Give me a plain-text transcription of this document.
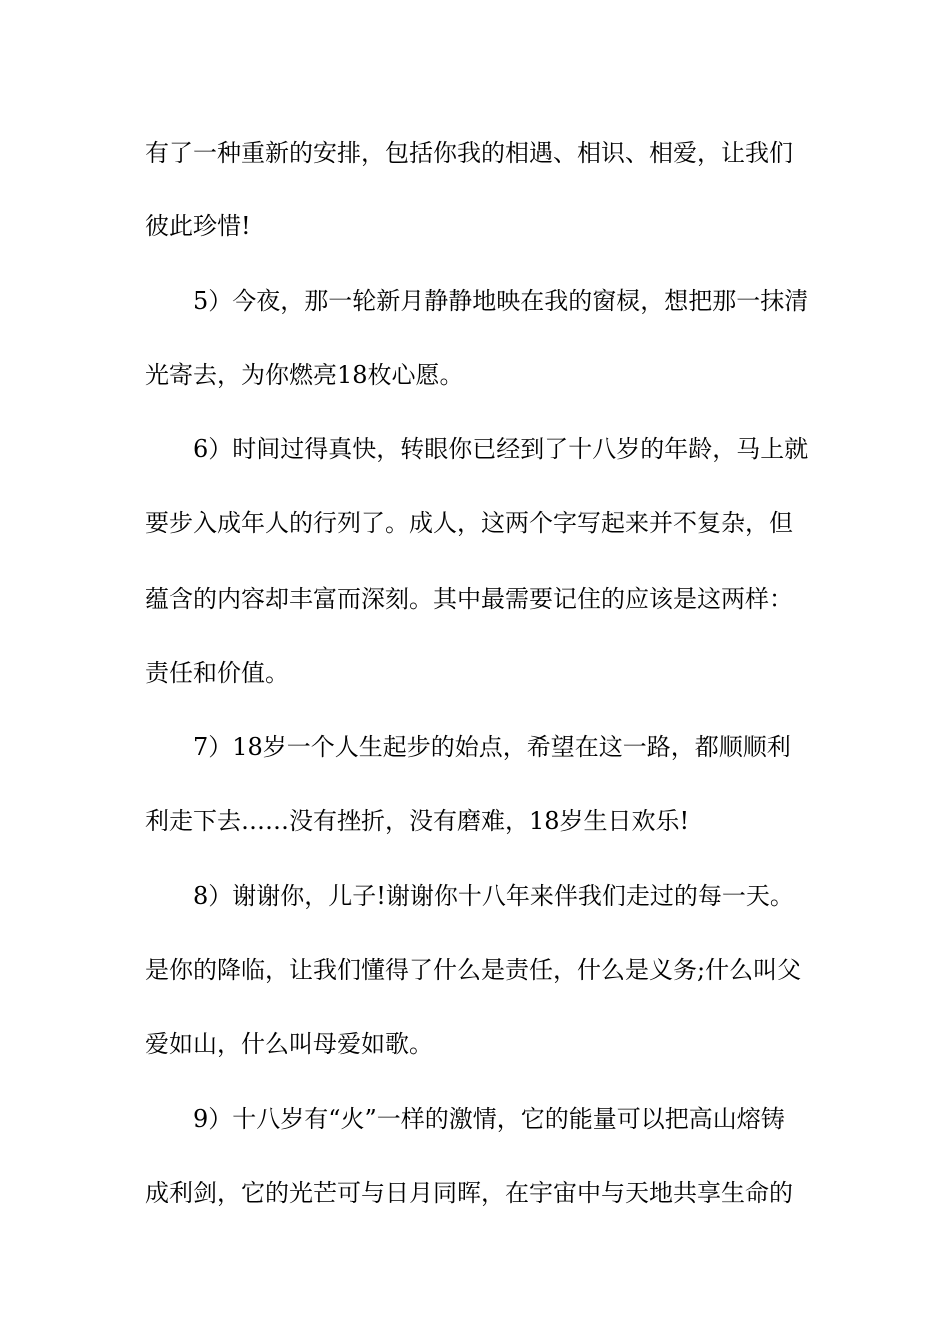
有了一种重新的安排，包括你我的相遇、相识、相爱，让我们
彼此珍惜!
5）今夜，那一轮新月静静地映在我的窗棂，想把那一抹清
光寄去，为你燃亮18枚心愿。
6）时间过得真快，转眼你已经到了十八岁的年龄，马上就
要步入成年人的行列了。成人，这两个字写起来并不复杂，但
蕴含的内容却丰富而深刻。其中最需要记住的应该是这两样：
责任和价值。
7）18岁一个人生起步的始点，希望在这一路，都顺顺利
利走下去……没有挫折，没有磨难，18岁生日欢乐!
8）谢谢你，儿子!谢谢你十八年来伴我们走过的每一天。
是你的降临，让我们懂得了什么是责任，什么是义务;什么叫父
爱如山，什么叫母爱如歌。
9）十八岁有“火”一样的激情，它的能量可以把高山熔铸
成利剑，它的光芒可与日月同晖，在宇宙中与天地共享生命的
